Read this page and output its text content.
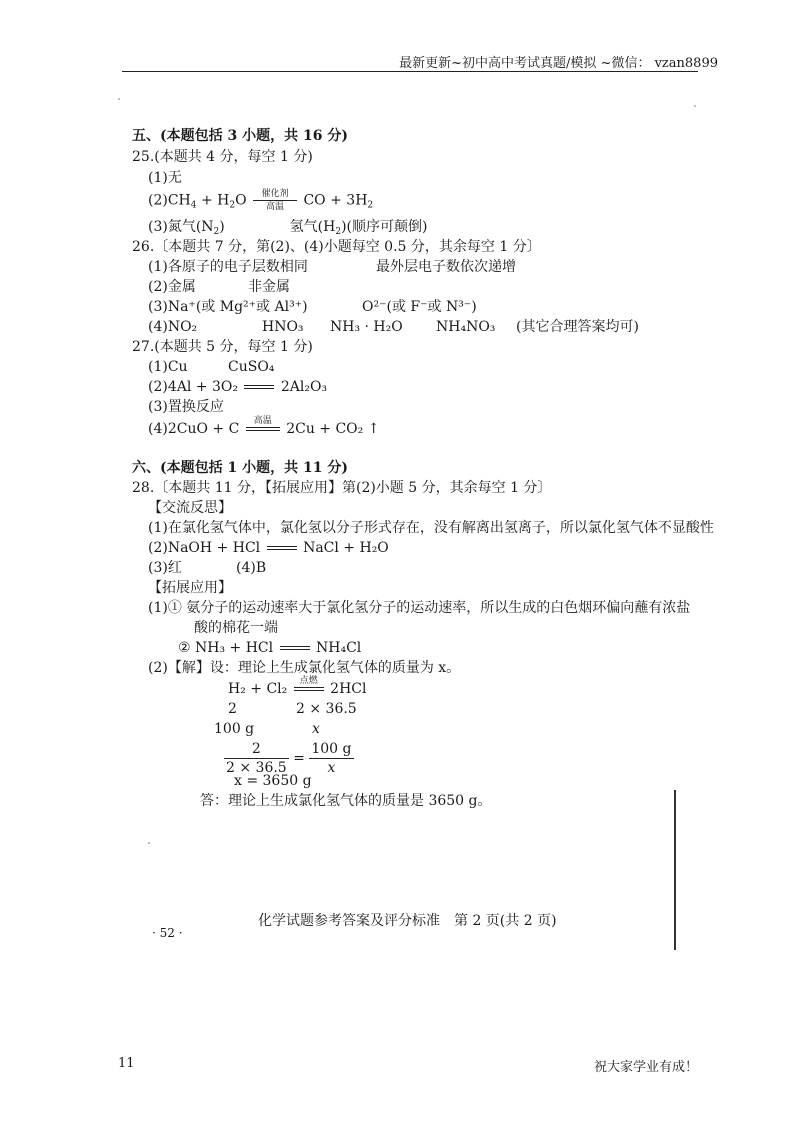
最新更新~初中高中考试真题/模拟 ~微信： vzan8899
五、(本题包括 3 小题，共 16 分)
25.(本题共 4 分，每空 1 分)
(1)无
$(2)CH_4 + H_2O$	催化剂
高温	CO + $3H_2$
(3)氮气$(N_2)$	氢气$(H_2)$(顺序可颠倒)
26.〔本题共 7 分，第(2)、(4)小题每空 0.5 分，其余每空 1 分〕
(1)各原子的电子层数相同	最外层电子数依次递增
(2)金属	非金属
(3)Na⁺(或 Mg²⁺或 Al³⁺)	O²⁻(或 F⁻或 N³⁻)
(4)NO₂	HNO₃ NH₃ · H₂O NH₄NO₃ (其它合理答案均可)
27.(本题共 5 分，每空 1 分)
(1)Cu	CuSO₄
(2)4Al + 3O₂	2Al₂O₃
(3)置换反应
(4)2CuO + C	高温
	2Cu + CO₂ ↑
六、(本题包括 1 小题，共 11 分)
28.〔本题共 11 分，【拓展应用】第(2)小题 5 分，其余每空 1 分〕
【交流反思】
(1)在氯化氢气体中，氯化氢以分子形式存在，没有解离出氢离子，所以氯化氢气体不显酸性
(2)NaOH + HCl	NaCl + H₂O
(3)红	(4)B
【拓展应用】
(1)① 氨分子的运动速率大于氯化氢分子的运动速率，所以生成的白色烟环偏向蘸有浓盐
酸的棉花一端
② NH₃ + HCl	NH₄Cl
(2)【解】设：理论上生成氯化氢气体的质量为 x。
H₂ + Cl₂	点燃
2HCl
2	2 × 36.5
100 g	x
$\frac{2}{2 \times 36.5} = \frac{100 g}{x}$
x = 3650 g
答：理论上生成氯化氢气体的质量是 3650 g。
化学试题参考答案及评分标准　第 2 页(共 2 页)
· 52 ·
11	祝大家学业有成！
